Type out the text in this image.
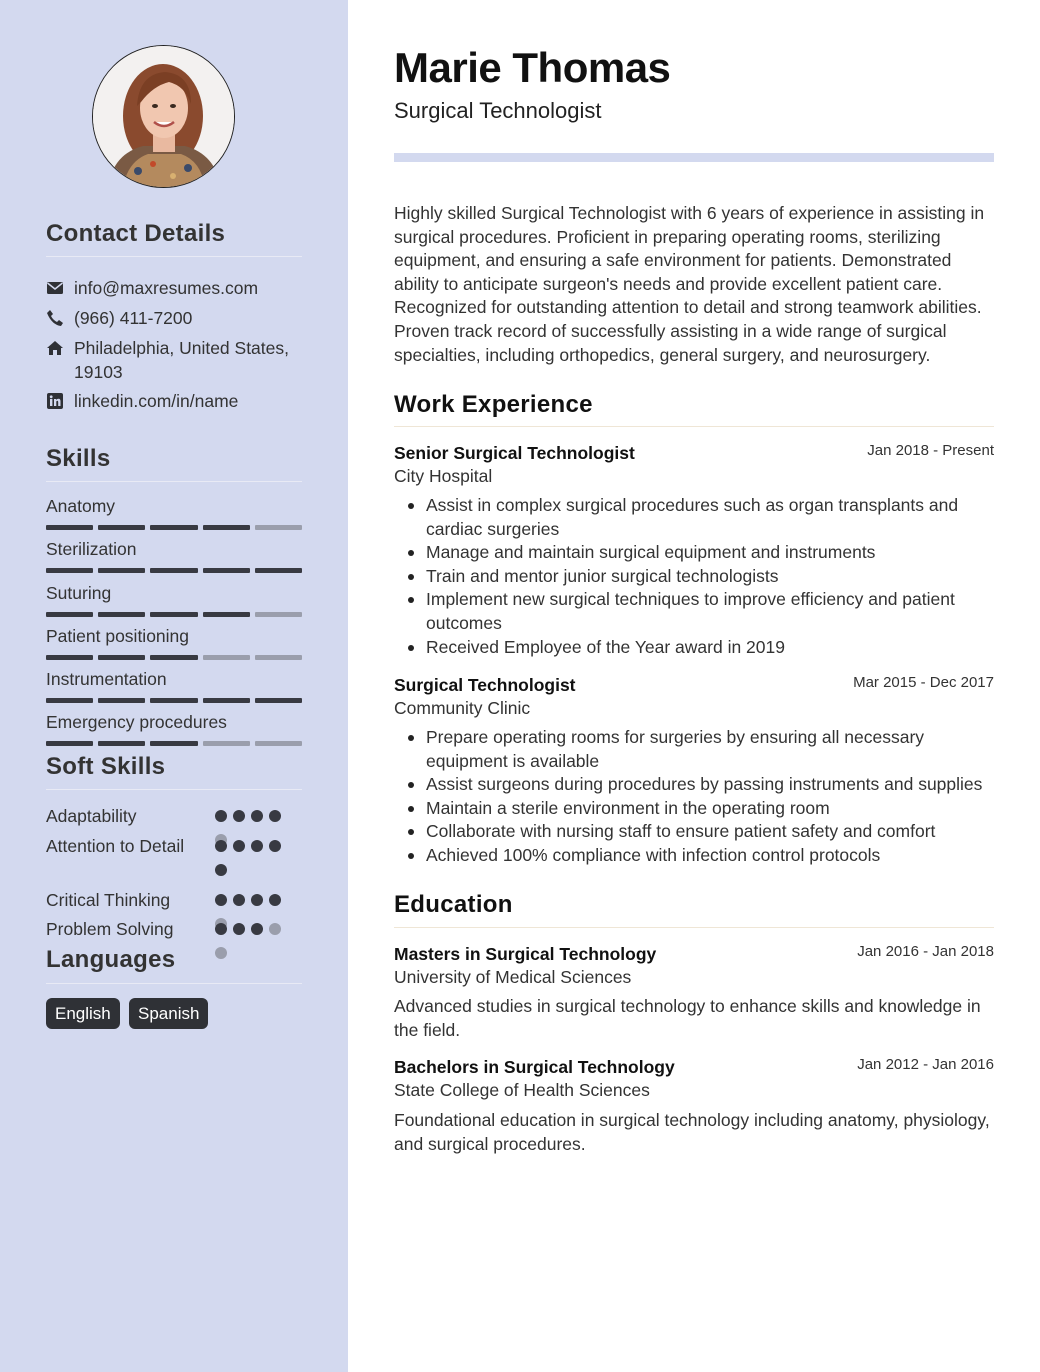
Contact Details
info@maxresumes.com
(966) 411-7200
Philadelphia, United States, 19103
linkedin.com/in/name
Skills
Anatomy
Sterilization
Suturing
Patient positioning
Instrumentation
Emergency procedures
Soft Skills
Adaptability
Attention to Detail
Critical Thinking
Problem Solving
Languages
English	Spanish
Marie Thomas
Surgical Technologist
Highly skilled Surgical Technologist with 6 years of experience in assisting in surgical procedures. Proficient in preparing operating rooms, sterilizing equipment, and ensuring a safe environment for patients. Demonstrated ability to anticipate surgeon's needs and provide excellent patient care. Recognized for outstanding attention to detail and strong teamwork abilities. Proven track record of successfully assisting in a wide range of surgical specialties, including orthopedics, general surgery, and neurosurgery.
Work Experience
Senior Surgical Technologist	Jan 2018 - Present
City Hospital
Assist in complex surgical procedures such as organ transplants and cardiac surgeries
Manage and maintain surgical equipment and instruments
Train and mentor junior surgical technologists
Implement new surgical techniques to improve efficiency and patient outcomes
Received Employee of the Year award in 2019
Surgical Technologist	Mar 2015 - Dec 2017
Community Clinic
Prepare operating rooms for surgeries by ensuring all necessary equipment is available
Assist surgeons during procedures by passing instruments and supplies
Maintain a sterile environment in the operating room
Collaborate with nursing staff to ensure patient safety and comfort
Achieved 100% compliance with infection control protocols
Education
Masters in Surgical Technology	Jan 2016 - Jan 2018
University of Medical Sciences
Advanced studies in surgical technology to enhance skills and knowledge in the field.
Bachelors in Surgical Technology	Jan 2012 - Jan 2016
State College of Health Sciences
Foundational education in surgical technology including anatomy, physiology, and surgical procedures.
